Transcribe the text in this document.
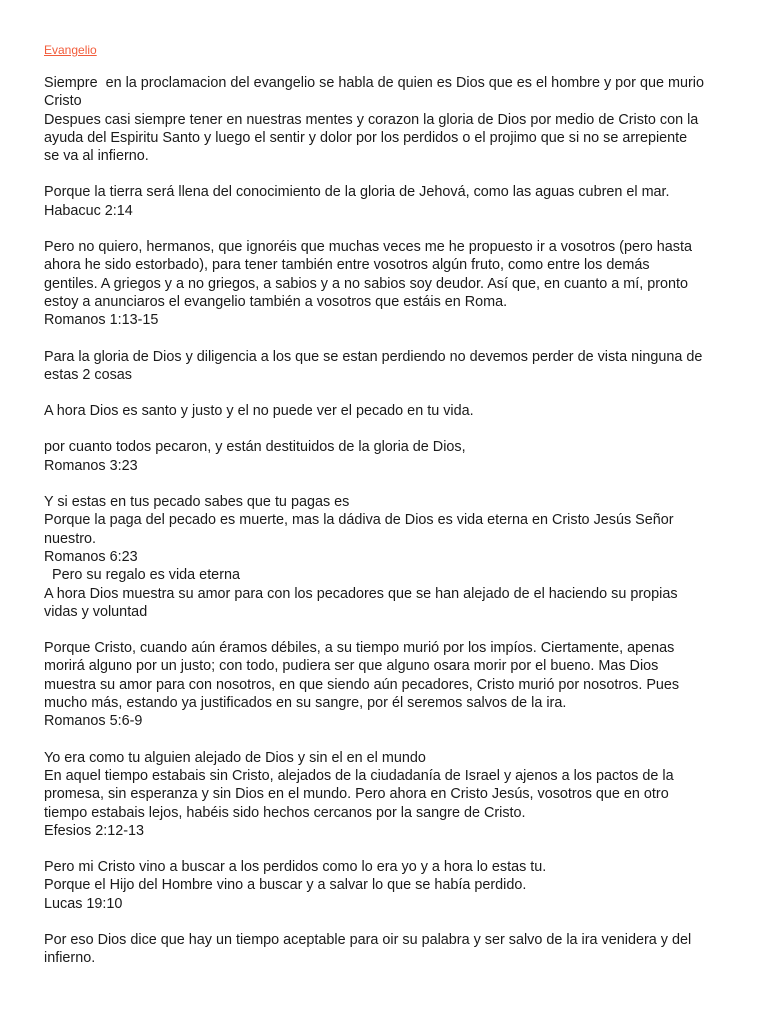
Evangelio
Siempre  en la proclamacion del evangelio se habla de quien es Dios que es el hombre y por que murio
Cristo
Despues casi siempre tener en nuestras mentes y corazon la gloria de Dios por medio de Cristo con la
ayuda del Espiritu Santo y luego el sentir y dolor por los perdidos o el projimo que si no se arrepiente
se va al infierno.
Porque la tierra será llena del conocimiento de la gloria de Jehová, como las aguas cubren el mar.
Habacuc 2:14
Pero no quiero, hermanos, que ignoréis que muchas veces me he propuesto ir a vosotros (pero hasta
ahora he sido estorbado), para tener también entre vosotros algún fruto, como entre los demás
gentiles. A griegos y a no griegos, a sabios y a no sabios soy deudor. Así que, en cuanto a mí, pronto
estoy a anunciaros el evangelio también a vosotros que estáis en Roma.
Romanos 1:13-15
Para la gloria de Dios y diligencia a los que se estan perdiendo no devemos perder de vista ninguna de
estas 2 cosas
A hora Dios es santo y justo y el no puede ver el pecado en tu vida.
por cuanto todos pecaron, y están destituidos de la gloria de Dios,
Romanos 3:23
Y si estas en tus pecado sabes que tu pagas es
Porque la paga del pecado es muerte, mas la dádiva de Dios es vida eterna en Cristo Jesús Señor
nuestro.
Romanos 6:23
Pero su regalo es vida eterna
A hora Dios muestra su amor para con los pecadores que se han alejado de el haciendo su propias
vidas y voluntad
Porque Cristo, cuando aún éramos débiles, a su tiempo murió por los impíos. Ciertamente, apenas
morirá alguno por un justo; con todo, pudiera ser que alguno osara morir por el bueno. Mas Dios
muestra su amor para con nosotros, en que siendo aún pecadores, Cristo murió por nosotros. Pues
mucho más, estando ya justificados en su sangre, por él seremos salvos de la ira.
Romanos 5:6-9
Yo era como tu alguien alejado de Dios y sin el en el mundo
En aquel tiempo estabais sin Cristo, alejados de la ciudadanía de Israel y ajenos a los pactos de la
promesa, sin esperanza y sin Dios en el mundo. Pero ahora en Cristo Jesús, vosotros que en otro
tiempo estabais lejos, habéis sido hechos cercanos por la sangre de Cristo.
Efesios 2:12-13
Pero mi Cristo vino a buscar a los perdidos como lo era yo y a hora lo estas tu.
Porque el Hijo del Hombre vino a buscar y a salvar lo que se había perdido.
Lucas 19:10
Por eso Dios dice que hay un tiempo aceptable para oir su palabra y ser salvo de la ira venidera y del
infierno.
